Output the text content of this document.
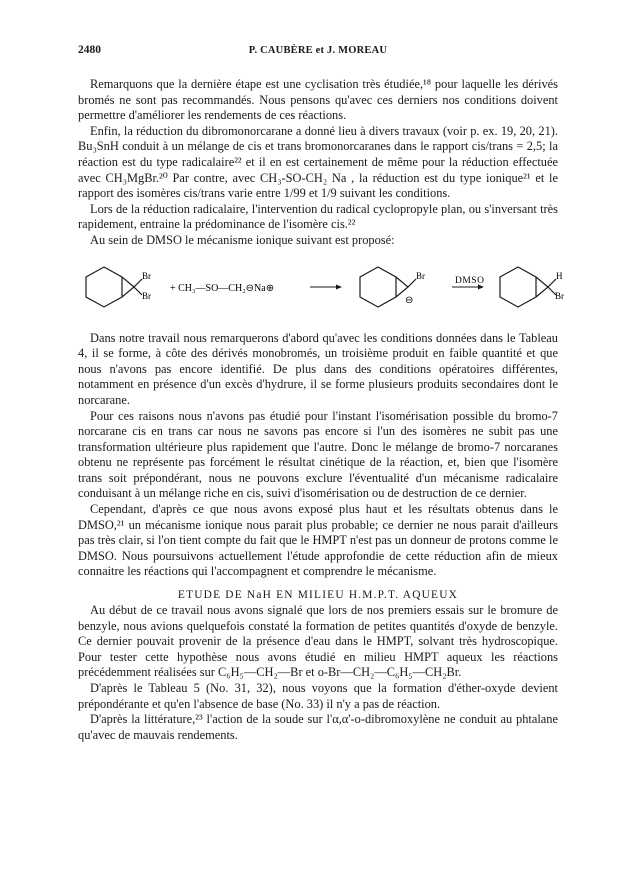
2480	P. CAUBÈRE et J. MOREAU

Remarquons que la dernière étape est une cyclisation très étudiée,¹⁸ pour laquelle les dérivés bromés ne sont pas recommandés. Nous pensons qu'avec ces derniers nos conditions doivent permettre d'améliorer les rendements de ces réactions.

Enfin, la réduction du dibromonorcarane a donné lieu à divers travaux (voir p. ex. 19, 20, 21). Bu₃SnH conduit à un mélange de cis et trans bromonorcaranes dans le rapport cis/trans = 2,5; la réaction est du type radicalaire²² et il en est certainement de même pour la réduction effectuée avec CH₃MgBr.²⁰ Par contre, avec CH₃-SO-CH₂ Na , la réduction est du type ionique²¹ et le rapport des isomères cis/trans varie entre 1/99 et 1/9 suivant les conditions.

Lors de la réduction radicalaire, l'intervention du radical cyclopropyle plan, ou s'inversant très rapidement, entraine la prédominance de l'isomère cis.²²

Au sein de DMSO le mécanisme ionique suivant est proposé:

Br
Br
+ CH₃—SO—CH₂⊖Na⊕
Br
⊖
DMSO	H
Br

Dans notre travail nous remarquerons d'abord qu'avec les conditions données dans le Tableau 4, il se forme, à côte des dérivés monobromés, un troisième produit en faible quantité et que nous n'avons pas encore identifié. De plus dans des conditions opératoires différentes, notamment en présence d'un excès d'hydrure, il se forme plusieurs produits secondaires dont le norcarane.

Pour ces raisons nous n'avons pas étudié pour l'instant l'isomérisation possible du bromo-7 norcarane cis en trans car nous ne savons pas encore si l'un des isomères ne subit pas une transformation ultérieure plus rapidement que l'autre. Donc le mélange de bromo-7 norcaranes obtenu ne représente pas forcément le résultat cinétique de la réaction, et, bien que l'isomère trans soit prépondérant, nous ne pouvons exclure l'éventualité d'un mécanisme radicalaire conduisant à un mélange riche en cis, suivi d'isomérisation ou de destruction de ce dernier.

Cependant, d'après ce que nous avons exposé plus haut et les résultats obtenus dans le DMSO,²¹ un mécanisme ionique nous parait plus probable; ce dernier ne nous parait d'ailleurs pas très clair, si l'on tient compte du fait que le HMPT n'est pas un donneur de protons comme le DMSO. Nous poursuivons actuellement l'étude approfondie de cette réduction afin de mieux connaitre les réactions qui l'accompagnent et comprendre le mécanisme.

ETUDE DE NaH EN MILIEU H.M.P.T. AQUEUX

Au début de ce travail nous avons signalé que lors de nos premiers essais sur le bromure de benzyle, nous avions quelquefois constaté la formation de petites quantités d'oxyde de benzyle. Ce dernier pouvait provenir de la présence d'eau dans le HMPT, solvant très hydroscopique. Pour tester cette hypothèse nous avons étudié en milieu HMPT aqueux les réactions précédemment réalisées sur C₆H₅—CH₂—Br et o-Br—CH₂—C₆H₅—CH₂Br.

D'après le Tableau 5 (No. 31, 32), nous voyons que la formation d'éther-oxyde devient prépondérante et qu'en l'absence de base (No. 33) il n'y a pas de réaction.

D'après la littérature,²³ l'action de la soude sur l'α,α'-o-dibromoxylène ne conduit au phtalane qu'avec de mauvais rendements.
